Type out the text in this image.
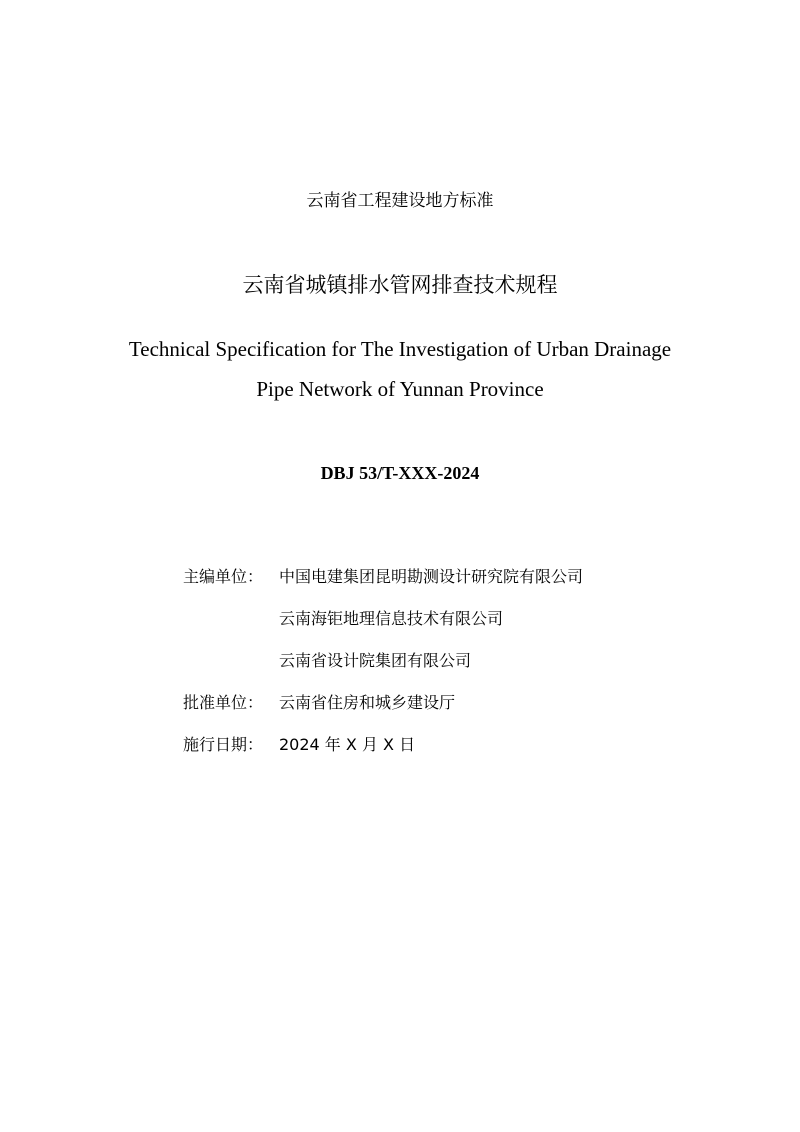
云南省工程建设地方标准
云南省城镇排水管网排查技术规程
Technical Specification for The Investigation of Urban Drainage
Pipe Network of Yunnan Province
DBJ 53/T-XXX-2024
主编单位： 中国电建集团昆明勘测设计研究院有限公司
云南海钜地理信息技术有限公司
云南省设计院集团有限公司
批准单位： 云南省住房和城乡建设厅
施行日期： 2024 年 X 月 X 日
